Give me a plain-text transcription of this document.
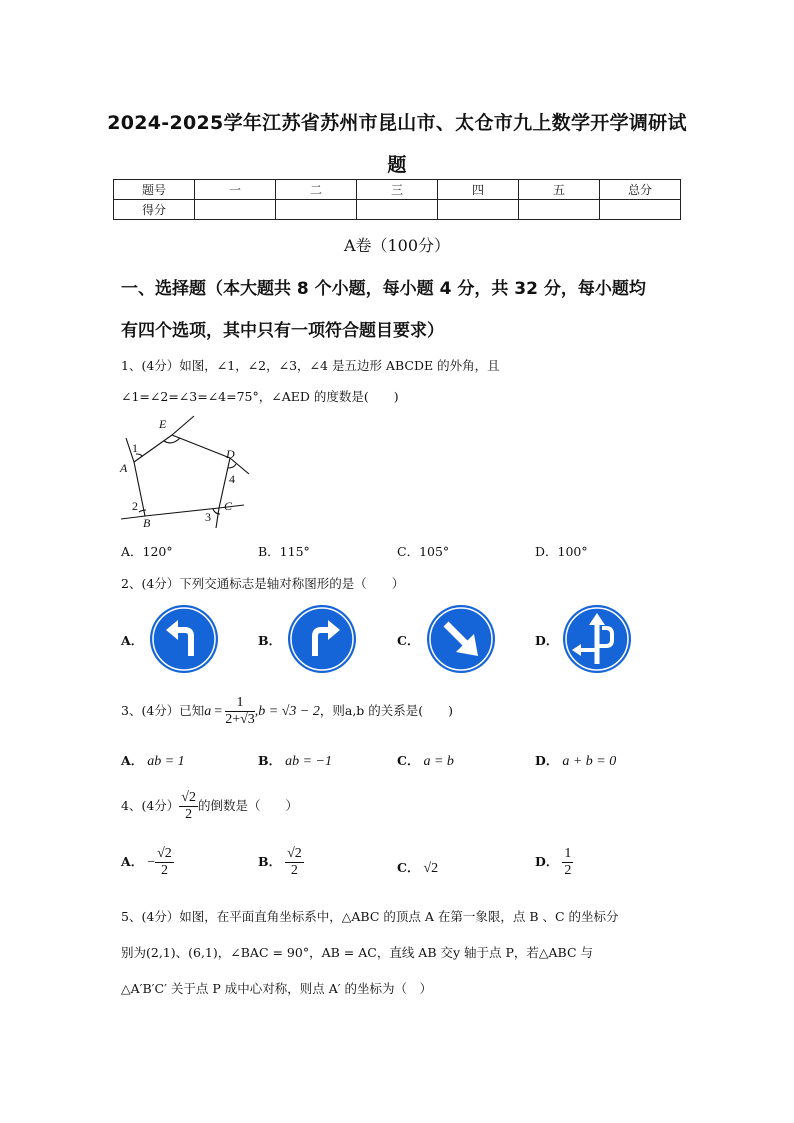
2024-2025学年江苏省苏州市昆山市、太仓市九上数学开学调研试
题
题号	一	二	三	四	五	总分
得分						
A卷（100分）
一、选择题（本大题共 8 个小题，每小题 4 分，共 32 分，每小题均
有四个选项，其中只有一项符合题目要求）
1、(4分）如图，∠1，∠2，∠3，∠4 是五边形 ABCDE 的外角，且
∠1=∠2=∠3=∠4=75°，∠AED 的度数是(　　)
E
D
A
B
C
1
2
3
4
A．120°	B．115°	C．105°	D．100°
2、(4分）下列交通标志是轴对称图形的是（　　）
A．	B．	C．	D．
3、(4分）已知$a = \frac{1}{2+√3} ,b = √3 - 2$，则a,b 的关系是(　　)
A． ab = 1	B． ab = −1	C． a = b	D． a + b = 0
4、(4分） $\frac{√2}{2}$ 的倒数是（　　）
A． − $\frac{√2}{2}$	B． $\frac{√2}{2}$	C． √2	D． $\frac{1}{2}$
5、(4分）如图，在平面直角坐标系中，△ABC 的顶点 A 在第一象限，点 B 、C 的坐标分
别为(2,1)、(6,1)，∠BAC = 90°，AB = AC，直线 AB 交y 轴于点 P，若△ABC 与
△A′B′C′ 关于点 P 成中心对称，则点 A′ 的坐标为（　）
